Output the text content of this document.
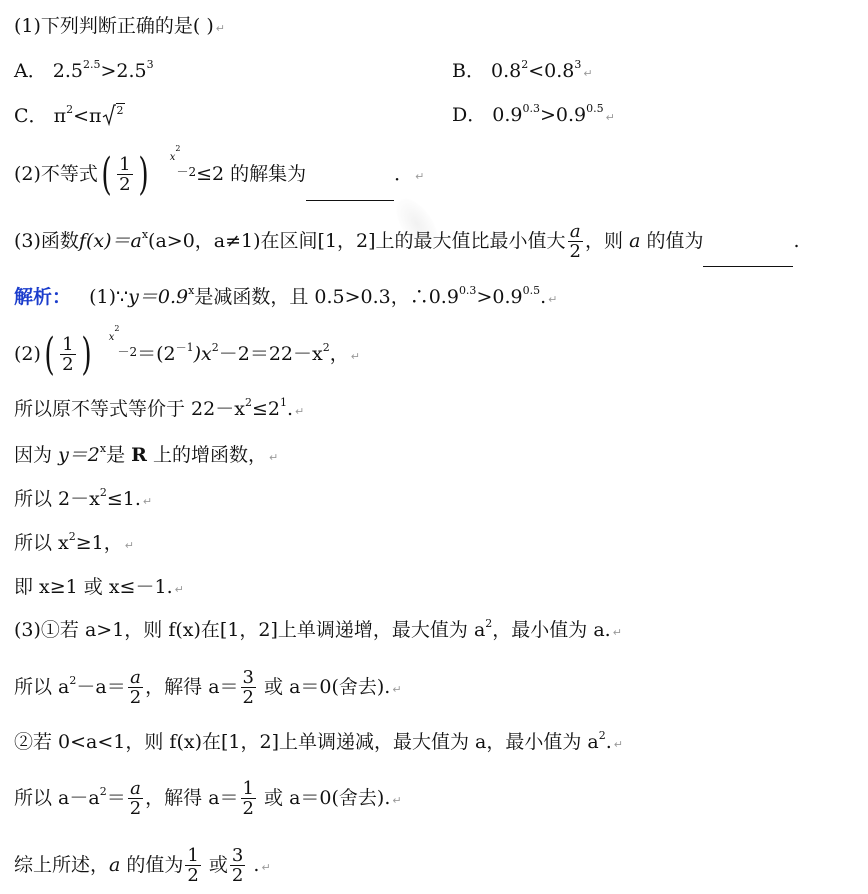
(1)下列判断正确的是( ) ↵
A． $2.5^{2.5}>2.5^3$	B． $0.8^2<0.8^3↵$
C． $\pi^2<\pi$ $^2$	D． $0.9^{0.3}>0.9^{0.5}↵$
(2)不等式( $\frac{1}{2}$ ) $^{x^2-2}$≤2 的解集为	． ↵
(3)函数$f(x)=a^x(a>0$，a≠1)在区间[1，2]上的最大值比最小值大 $\frac{a}{2}$ ，则 a 的值为	.
解析： $(1)\because y=0.9^x$是减函数，且 0.5>0.3，$\therefore 0.9^{0.3}>0.9^{0.5}$. ↵
$(2)( \frac{1}{2}$ ) $^{x^2-2}=(2^{-1})x^2-2=22-x^2$， ↵
所以原不等式等价于 $22-x^2\le 2^1$. ↵
因为 $y=2^x$是 R 上的增函数， ↵
所以 $2-x^2\le 1$. ↵
所以 $x^2\ge 1$， ↵
即 x≥1 或 x≤－1. ↵
(3)①若 a>1，则 f(x)在[1，2]上单调递增，最大值为 $a^2$，最小值为 a. ↵
所以 $a^2-a= \frac{a}{2}$ ，解得 $a= \frac{3}{2}$ 或 a＝0(舍去). ↵
②若 0<a<1，则 f(x)在[1，2]上单调递减，最大值为 a，最小值为 $a^2$. ↵
所以 $a-a^2= \frac{a}{2}$ ，解得 $a= \frac{1}{2}$ 或 a＝0(舍去). ↵
综上所述，a 的值为 $\frac{1}{2}$ 或 $\frac{3}{2}$ . ↵
